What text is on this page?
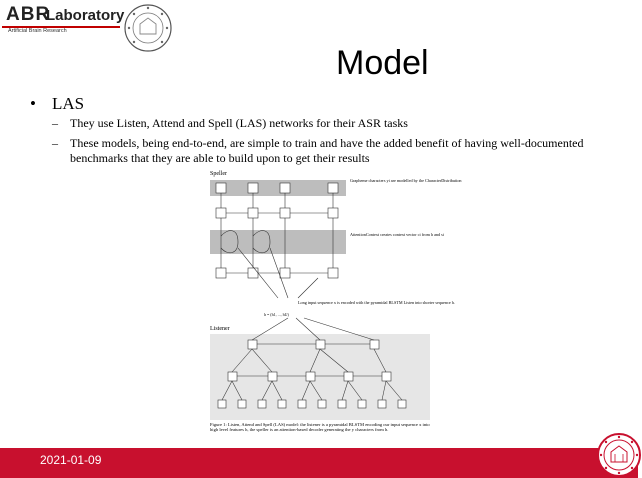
ABR
Laboratory
Artificial Brain Research
Model
• LAS
– They use Listen, Attend and Spell (LAS) networks for their ASR tasks
– These models, being end-to-end, are simple to train and have the added benefit of having well-documented benchmarks that they are able to build upon to get their results
Speller
Grapheme characters yi are modelled by the CharacterDistribution
AttentionContext creates context vector ci from h and si
Long input sequence x is encoded with the pyramidal BLSTM Listen into shorter sequence h.
h = (h1, ..., hU)
Listener
Figure 1: Listen, Attend and Spell (LAS) model: the listener is a pyramidal BLSTM encoding our input sequence x into high level features h, the speller is an attention-based decoder generating the y characters from h.
2021-01-09
